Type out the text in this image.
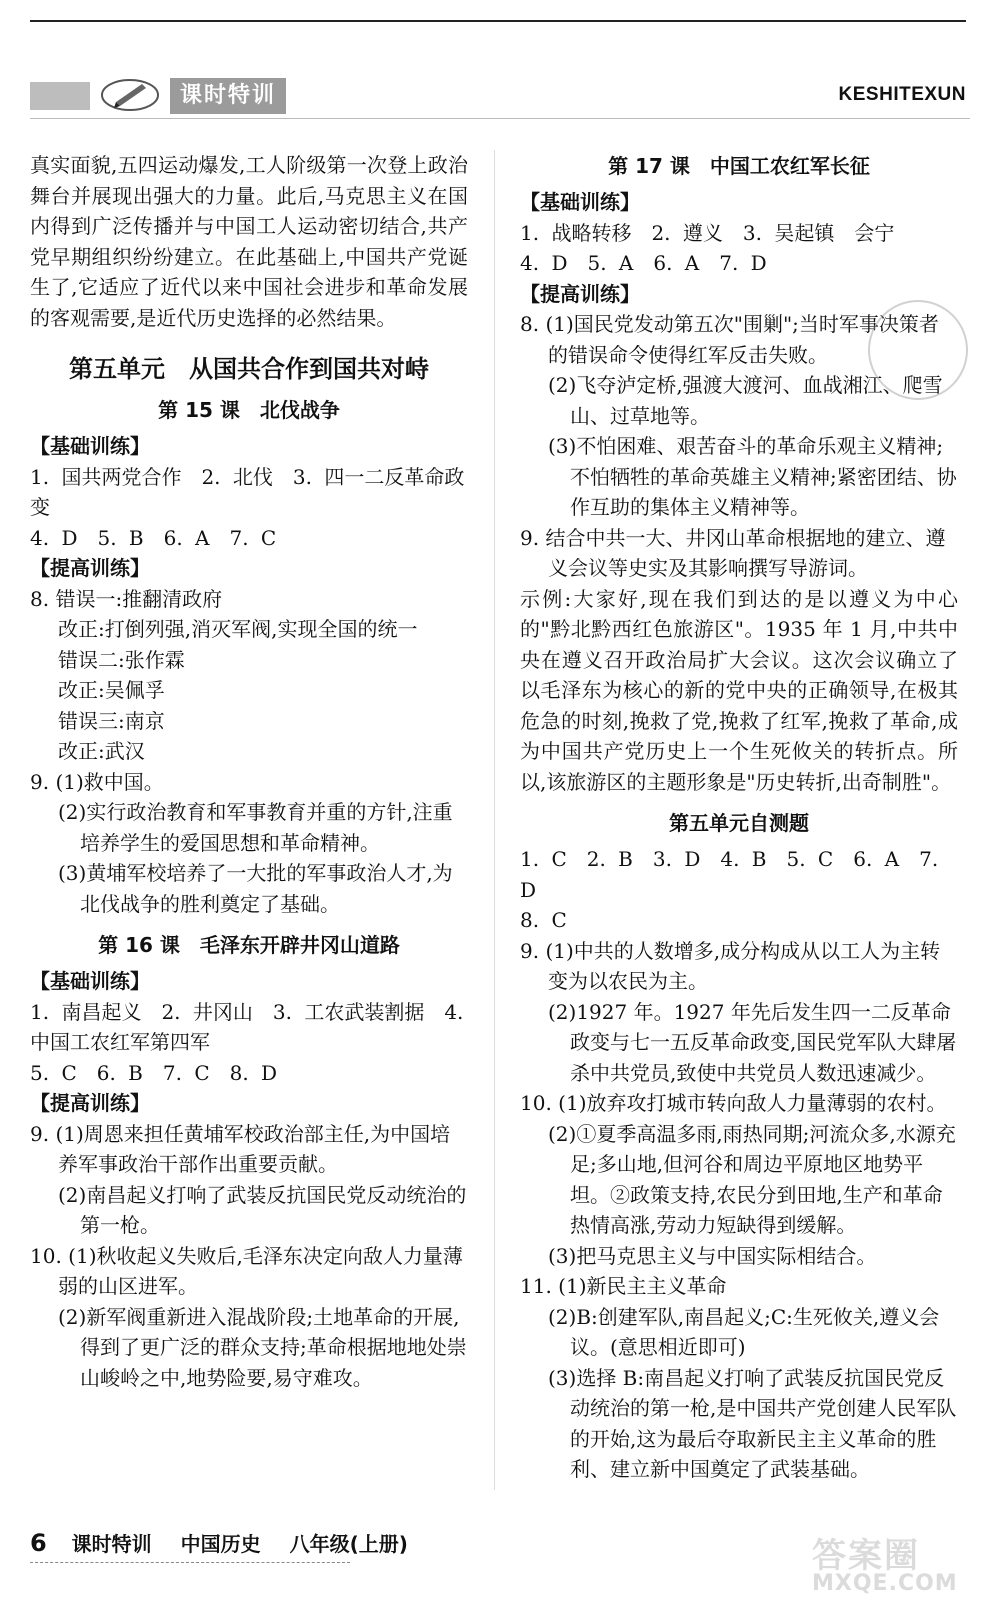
课时特训	KESHITEXUN

真实面貌,五四运动爆发,工人阶级第一次登上政治舞台并展现出强大的力量。此后,马克思主义在国内得到广泛传播并与中国工人运动密切结合,共产党早期组织纷纷建立。在此基础上,中国共产党诞生了,它适应了近代以来中国社会进步和革命发展的客观需要,是近代历史选择的必然结果。

第五单元　从国共合作到国共对峙
第 15 课　北伐战争

【基础训练】

1. 国共两党合作　2. 北伐　3. 四一二反革命政变

4. D　5. B　6. A　7. C

【提高训练】

8. 错误一:推翻清政府

改正:打倒列强,消灭军阀,实现全国的统一

错误二:张作霖

改正:吴佩孚

错误三:南京

改正:武汉

9. (1)救中国。

(2)实行政治教育和军事教育并重的方针,注重培养学生的爱国思想和革命精神。

(3)黄埔军校培养了一大批的军事政治人才,为北伐战争的胜利奠定了基础。

第 16 课　毛泽东开辟井冈山道路

【基础训练】

1. 南昌起义　2. 井冈山　3. 工农武装割据　4. 中国工农红军第四军

5. C　6. B　7. C　8. D

【提高训练】

9. (1)周恩来担任黄埔军校政治部主任,为中国培养军事政治干部作出重要贡献。

(2)南昌起义打响了武装反抗国民党反动统治的第一枪。

10. (1)秋收起义失败后,毛泽东决定向敌人力量薄弱的山区进军。

(2)新军阀重新进入混战阶段;土地革命的开展,得到了更广泛的群众支持;革命根据地地处崇山峻岭之中,地势险要,易守难攻。

第 17 课　中国工农红军长征

【基础训练】

1. 战略转移　2. 遵义　3. 吴起镇　会宁

4. D　5. A　6. A　7. D

【提高训练】

8. (1)国民党发动第五次"围剿";当时军事决策者的错误命令使得红军反击失败。

(2)飞夺泸定桥,强渡大渡河、血战湘江、爬雪山、过草地等。

(3)不怕困难、艰苦奋斗的革命乐观主义精神;不怕牺牲的革命英雄主义精神;紧密团结、协作互助的集体主义精神等。

9. 结合中共一大、井冈山革命根据地的建立、遵义会议等史实及其影响撰写导游词。

示例:大家好,现在我们到达的是以遵义为中心的"黔北黔西红色旅游区"。1935 年 1 月,中共中央在遵义召开政治局扩大会议。这次会议确立了以毛泽东为核心的新的党中央的正确领导,在极其危急的时刻,挽救了党,挽救了红军,挽救了革命,成为中国共产党历史上一个生死攸关的转折点。所以,该旅游区的主题形象是"历史转折,出奇制胜"。

第五单元自测题

1. C　2. B　3. D　4. B　5. C　6. A　7. D

8. C

9. (1)中共的人数增多,成分构成从以工人为主转变为以农民为主。

(2)1927 年。1927 年先后发生四一二反革命政变与七一五反革命政变,国民党军队大肆屠杀中共党员,致使中共党员人数迅速减少。

10. (1)放弃攻打城市转向敌人力量薄弱的农村。

(2)①夏季高温多雨,雨热同期;河流众多,水源充足;多山地,但河谷和周边平原地区地势平坦。②政策支持,农民分到田地,生产和革命热情高涨,劳动力短缺得到缓解。

(3)把马克思主义与中国实际相结合。

11. (1)新民主主义革命

(2)B:创建军队,南昌起义;C:生死攸关,遵义会议。(意思相近即可)

(3)选择 B:南昌起义打响了武装反抗国民党反动统治的第一枪,是中国共产党创建人民军队的开始,这为最后夺取新民主主义革命的胜利、建立新中国奠定了武装基础。

6 课时特训 中国历史 八年级(上册)	答案圈
MXQE.COM
